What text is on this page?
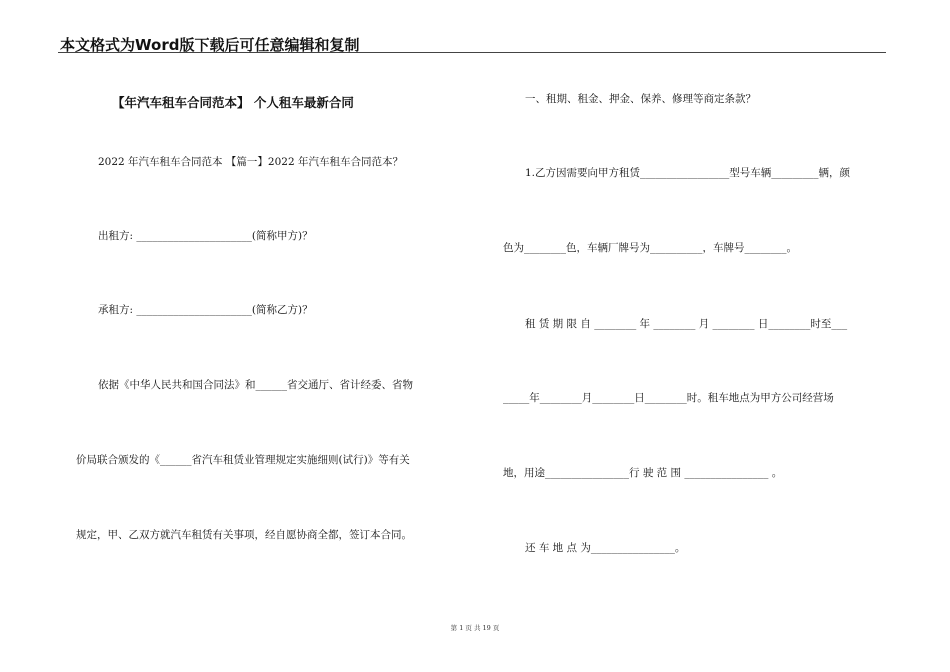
本文格式为Word版下载后可任意编辑和复制
【年汽车租车合同范本】 个人租车最新合同
2022 年汽车租车合同范本 【篇一】2022 年汽车租车合同范本？
出租方: ______________________(简称甲方)？
承租方: ______________________(简称乙方)？
依据《中华人民共和国合同法》和______省交通厅、省计经委、省物
价局联合颁发的《______省汽车租赁业管理规定实施细则(试行)》等有关
规定，甲、乙双方就汽车租赁有关事项，经自愿协商全都，签订本合同。
一、租期、租金、押金、保养、修理等商定条款？
1.乙方因需要向甲方租赁_________________型号车辆_________辆，颜
色为________色，车辆厂牌号为__________，车牌号________。
租 赁 期 限 自 ________ 年 ________ 月 ________ 日________时至___
_____年________月________日________时。租车地点为甲方公司经营场
地，用途________________行 驶 范 围 ________________ 。
还 车 地 点 为________________。
第 1 页 共 19 页
